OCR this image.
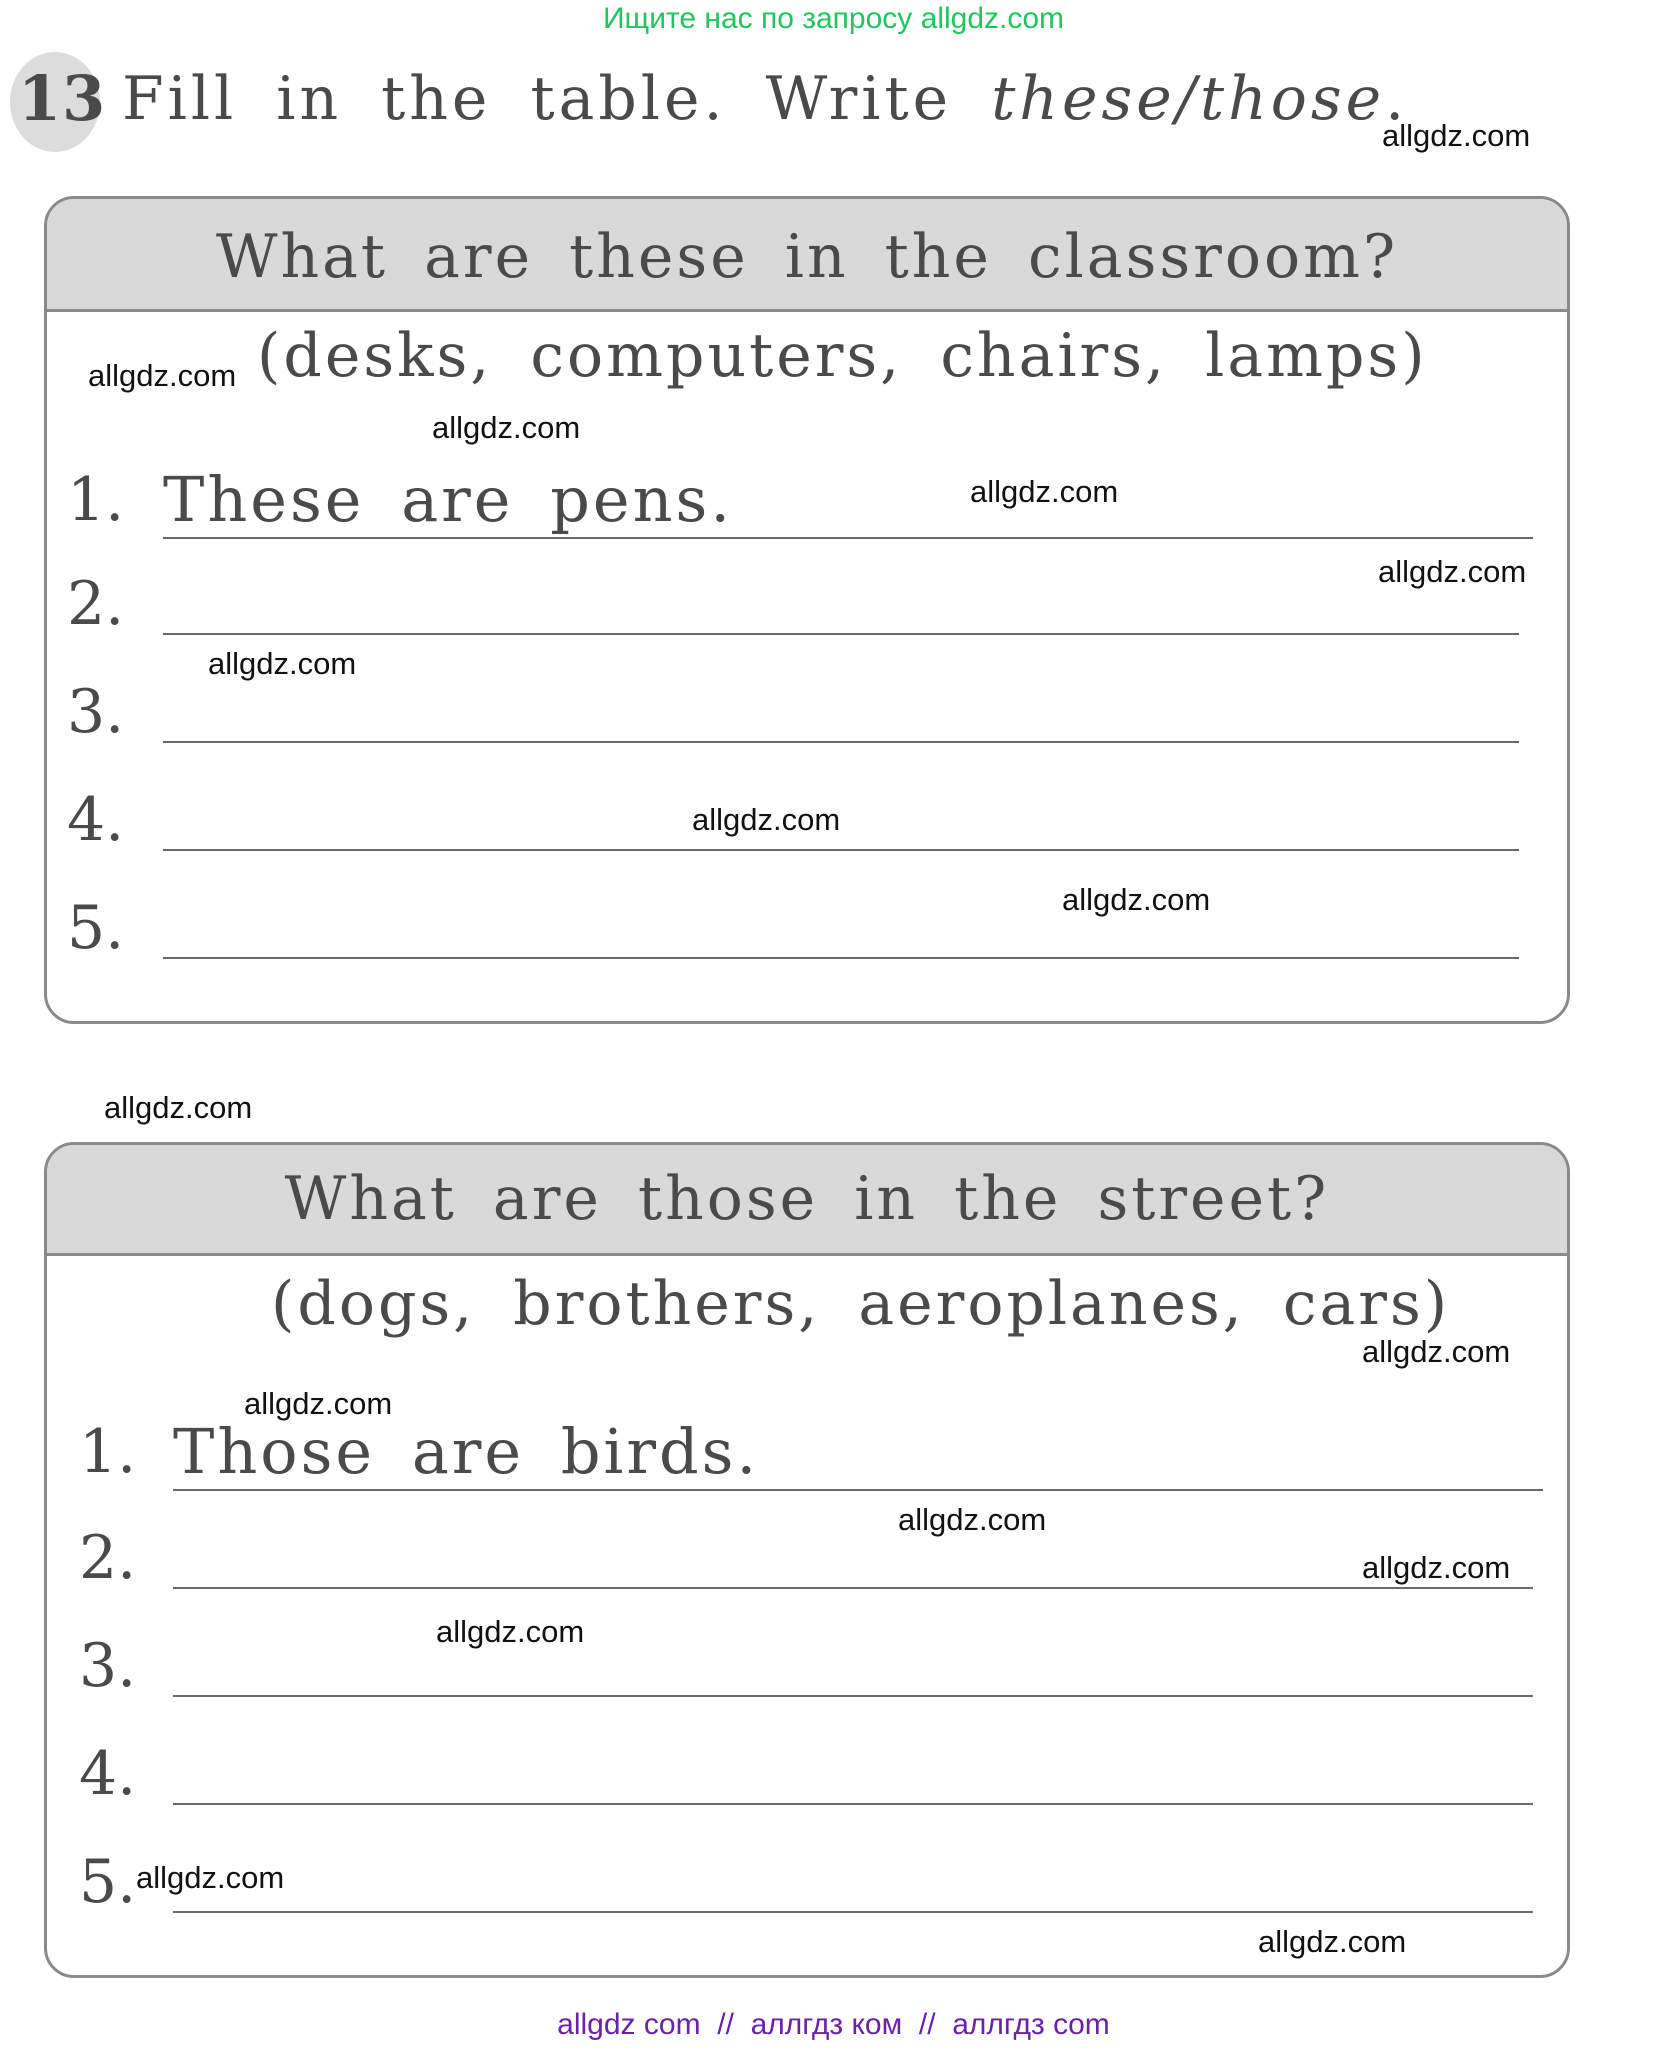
Ищите нас по запросу allgdz.com
13 Fill in the table. Write these/those.
What are these in the classroom?
(desks, computers, chairs, lamps)
1. These are pens.
2.
3.
4.
5.
What are those in the street?
(dogs, brothers, aeroplanes, cars)
1. Those are birds.
2.
3.
4.
5.
allgdz.com
allgdz.com
allgdz.com
allgdz.com
allgdz.com
allgdz.com
allgdz.com
allgdz.com
allgdz.com
allgdz.com
allgdz.com
allgdz.com
allgdz.com
allgdz.com
allgdz.com
allgdz.com
allgdz com  //  аллгдз ком  //  аллгдз com
